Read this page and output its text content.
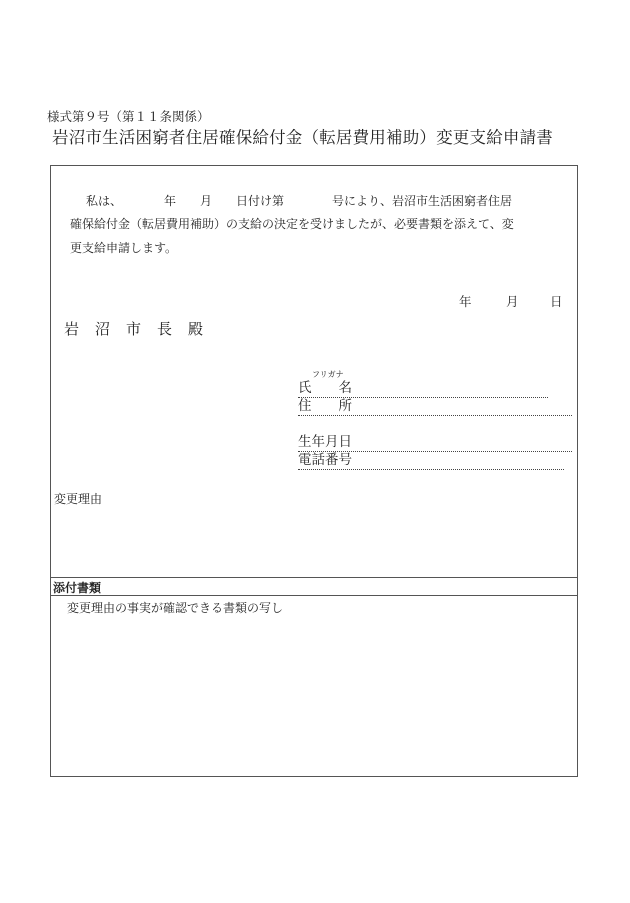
様式第９号（第１１条関係）
岩沼市生活困窮者住居確保給付金（転居費用補助）変更支給申請書
私は、　　　　年　　月　　日付け第　　　　号により、岩沼市生活困窮者住居
確保給付金（転居費用補助）の支給の決定を受けましたが、必要書類を添えて、変
更支給申請します。
年	月	日
岩　沼　市　長　殿
フリガナ
氏　　名
住　　所
生年月日
電話番号
変更理由
添付書類
変更理由の事実が確認できる書類の写し
